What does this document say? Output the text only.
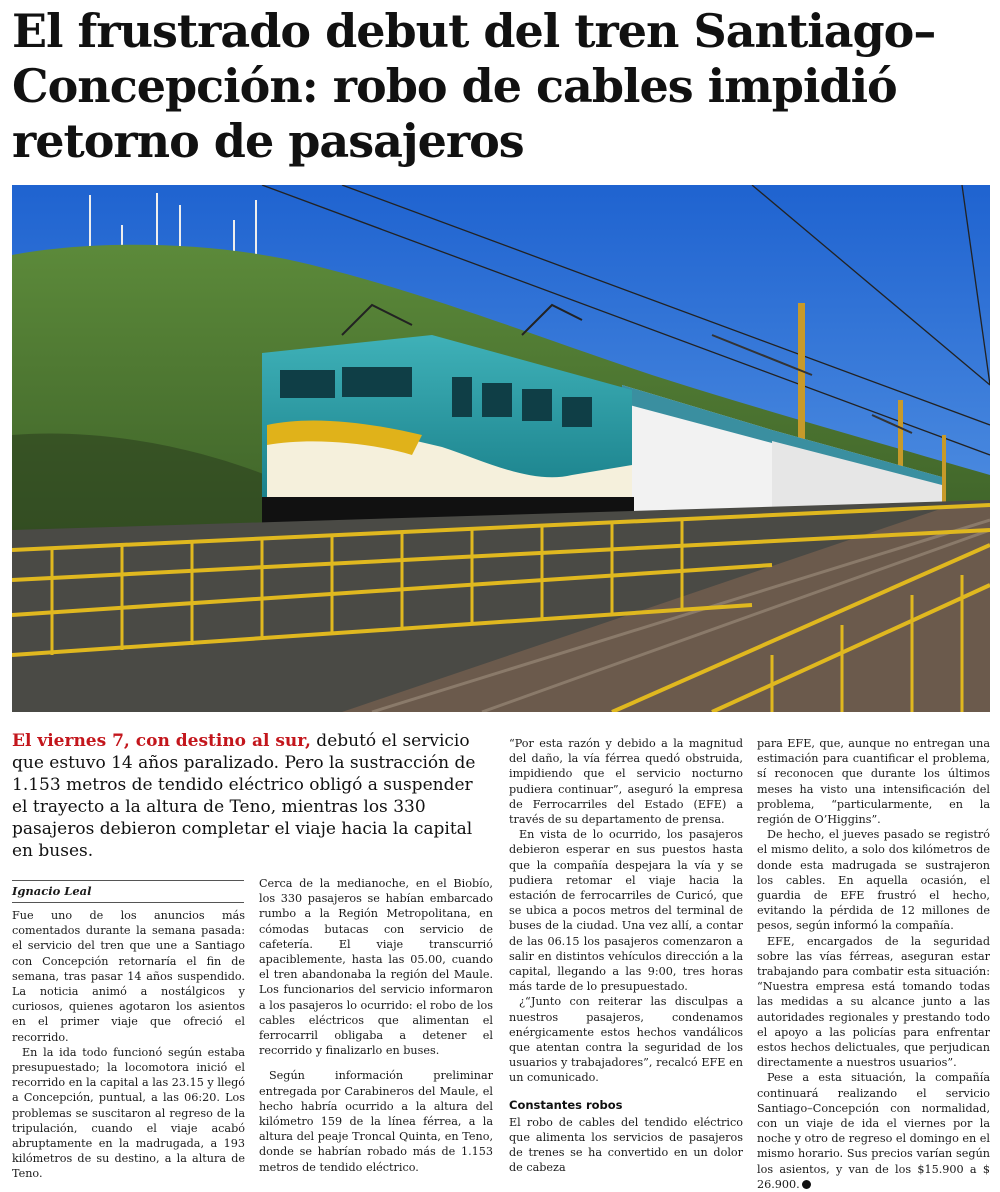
El frustrado debut del tren Santiago–Concepción: robo de cables impidió retorno de pasajeros

El viernes 7, con destino al sur, debutó el servicio que estuvo 14 años paralizado. Pero la sustracción de 1.153 metros de tendido eléctrico obligó a suspender el trayecto a la altura de Teno, mientras los 330 pasajeros debieron completar el viaje hacia la capital en buses.

Ignacio Leal

Fue uno de los anuncios más comentados durante la semana pasada: el servicio del tren que une a Santiago con Concepción retornaría el fin de semana, tras pasar 14 años suspendido. La noticia animó a nostálgicos y curiosos, quienes agotaron los asientos en el primer viaje que ofreció el recorrido.

En la ida todo funcionó según estaba presupuestado; la locomotora inició el recorrido en la capital a las 23.15 y llegó a Concepción, puntual, a las 06:20. Los problemas se suscitaron al regreso de la tripulación, cuando el viaje acabó abruptamente en la madrugada, a 193 kilómetros de su destino, a la altura de Teno.

Cerca de la medianoche, en el Biobío, los 330 pasajeros se habían embarcado rumbo a la Región Metropolitana, en cómodas butacas con servicio de cafetería. El viaje transcurrió apaciblemente, hasta las 05.00, cuando el tren abandonaba la región del Maule. Los funcionarios del servicio informaron a los pasajeros lo ocurrido: el robo de los cables eléctricos que alimentan el ferrocarril obligaba a detener el recorrido y finalizarlo en buses.

Según información preliminar entregada por Carabineros del Maule, el hecho habría ocurrido a la altura del kilómetro 159 de la línea férrea, a la altura del peaje Troncal Quinta, en Teno, donde se habrían robado más de 1.153 metros de tendido eléctrico.

“Por esta razón y debido a la magnitud del daño, la vía férrea quedó obstruida, impidiendo que el servicio nocturno pudiera continuar”, aseguró la empresa de Ferrocarriles del Estado (EFE) a través de su departamento de prensa.

En vista de lo ocurrido, los pasajeros debieron esperar en sus puestos hasta que la compañía despejara la vía y se pudiera retomar el viaje hacia la estación de ferrocarriles de Curicó, que se ubica a pocos metros del terminal de buses de la ciudad. Una vez allí, a contar de las 06.15 los pasajeros comenzaron a salir en distintos vehículos dirección a la capital, llegando a las 9:00, tres horas más tarde de lo presupuestado.

¿“Junto con reiterar las disculpas a nuestros pasajeros, condenamos enérgicamente estos hechos vandálicos que atentan contra la seguridad de los usuarios y trabajadores”, recalcó EFE en un comunicado.

Constantes robos

El robo de cables del tendido eléctrico que alimenta los servicios de pasajeros de trenes se ha convertido en un dolor de cabeza

para EFE, que, aunque no entregan una estimación para cuantificar el problema, sí reconocen que durante los últimos meses ha visto una intensificación del problema, “particularmente, en la región de O’Higgins”.

De hecho, el jueves pasado se registró el mismo delito, a solo dos kilómetros de donde esta madrugada se sustrajeron los cables. En aquella ocasión, el guardia de EFE frustró el hecho, evitando la pérdida de 12 millones de pesos, según informó la compañía.

EFE, encargados de la seguridad sobre las vías férreas, aseguran estar trabajando para combatir esta situación: “Nuestra empresa está tomando todas las medidas a su alcance junto a las autoridades regionales y prestando todo el apoyo a las policías para enfrentar estos hechos delictuales, que perjudican directamente a nuestros usuarios”.

Pese a esta situación, la compañía continuará realizando el servicio Santiago–Concepción con normalidad, con un viaje de ida el viernes por la noche y otro de regreso el domingo en el mismo horario. Sus precios varían según los asientos, y van de los $15.900 a $ 26.900.
